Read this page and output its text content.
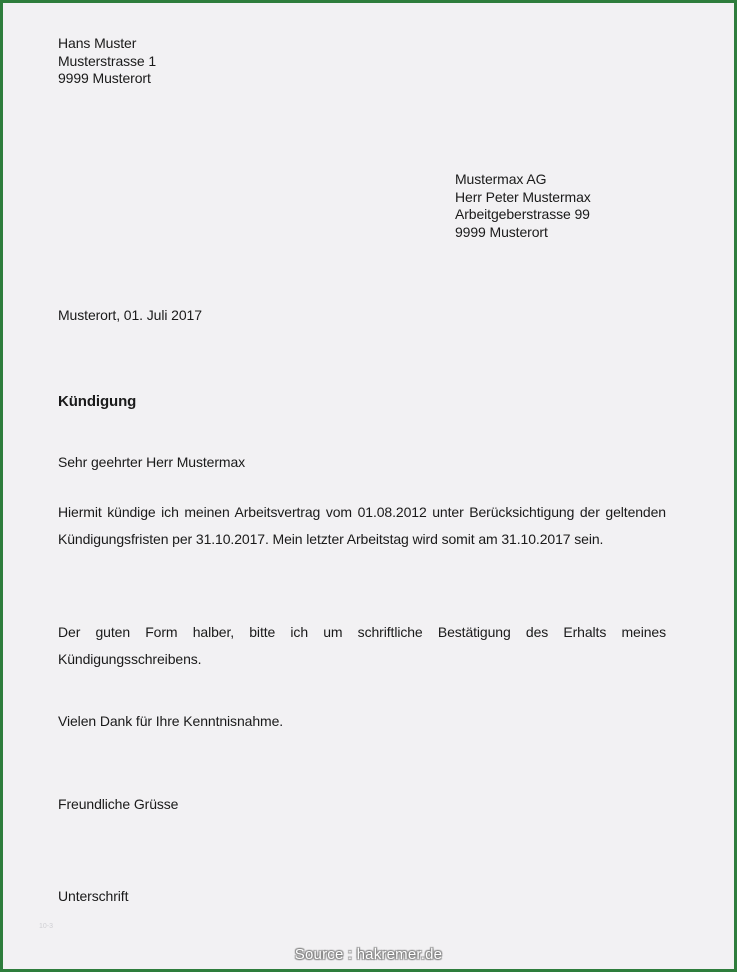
Hans Muster
Musterstrasse 1
9999 Musterort
Mustermax AG
Herr Peter Mustermax
Arbeitgeberstrasse 99
9999 Musterort
Musterort, 01. Juli 2017
Kündigung
Sehr geehrter Herr Mustermax
Hiermit kündige ich meinen Arbeitsvertrag vom 01.08.2012 unter Berücksichtigung der geltenden Kündigungsfristen per 31.10.2017. Mein letzter Arbeitstag wird somit am 31.10.2017 sein.
Der guten Form halber, bitte ich um schriftliche Bestätigung des Erhalts meines Kündigungsschreibens.
Vielen Dank für Ihre Kenntnisnahme.
Freundliche Grüsse
Unterschrift
10-3
Source : hakremer.de
